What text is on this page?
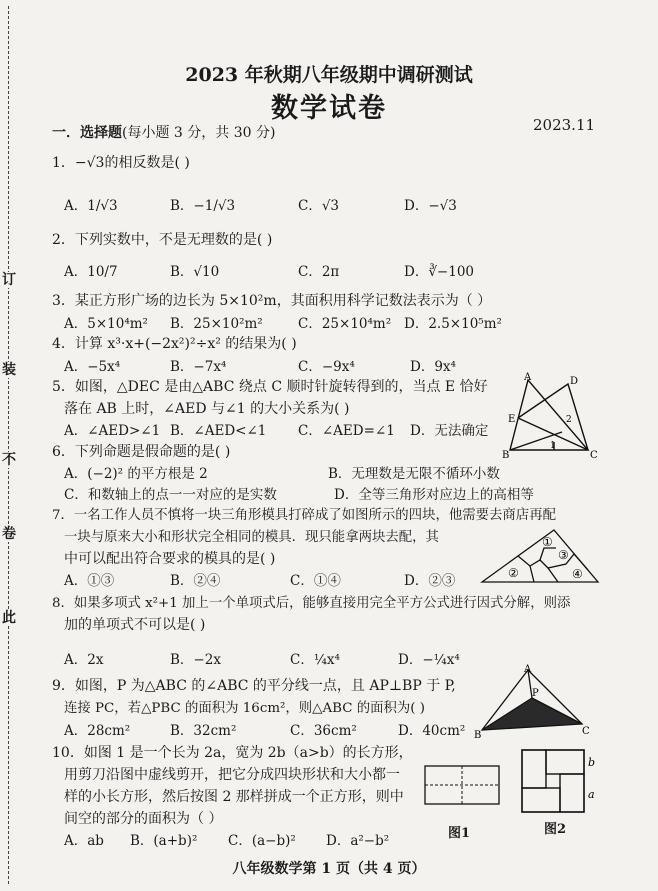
订
装
不
卷
此
2023 年秋期八年级期中调研测试
数学试卷
2023.11
一．选择题(每小题 3 分，共 30 分)
1．−√3的相反数是( )
A．1/√3	B．−1/√3	C．√3	D．−√3
2．下列实数中，不是无理数的是( )
A．10/7	B．√10	C．2π	D．∛−100
3．某正方形广场的边长为 5×10²m，其面积用科学记数法表示为（ ）
A．5×10⁴m² B．25×10²m²	C．25×10⁴m² D．2.5×10⁵m²
4．计算 x³·x+(−2x²)²÷x² 的结果为( )
A．−5x⁴	B．−7x⁴	C．−9x⁴	D．9x⁴
5．如图，△DEC 是由△ABC 绕点 C 顺时针旋转得到的，当点 E 恰好
落在 AB 上时，∠AED 与∠1 的大小关系为( )
A．∠AED>∠1 B．∠AED<∠1 C．∠AED=∠1 D．无法确定
A
E
D
B	C
1
2
6．下列命题是假命题的是( )
A．(−2)² 的平方根是 2	B．无理数是无限不循环小数
C．和数轴上的点一一对应的是实数	D．全等三角形对应边上的高相等
7．一名工作人员不慎将一块三角形模具打碎成了如图所示的四块，他需要去商店再配
一块与原来大小和形状完全相同的模具．现只能拿两块去配，其
中可以配出符合要求的模具的是( )
A．①③	B．②④	C．①④	D．②③
①
②
③
④
8．如果多项式 x²+1 加上一个单项式后，能够直接用完全平方公式进行因式分解，则添
加的单项式不可以是( )
A．2x	B．−2x	C．¼x⁴	D．−¼x⁴
9．如图，P 为△ABC 的∠ABC 的平分线一点，且 AP⊥BP 于 P,
连接 PC，若△PBC 的面积为 16cm²，则△ABC 的面积为( )
A．28cm²	B．32cm²	C．36cm²	D．40cm²
A
P
B	C
10．如图 1 是一个长为 2a，宽为 2b（a>b）的长方形，
用剪刀沿图中虚线剪开，把它分成四块形状和大小都一
样的小长方形，然后按图 2 那样拼成一个正方形，则中
间空的部分的面积为（ ）
A．ab B．(a+b)² C．(a−b)² D．a²−b²	图1
b
a
图2
八年级数学第 1 页（共 4 页）
